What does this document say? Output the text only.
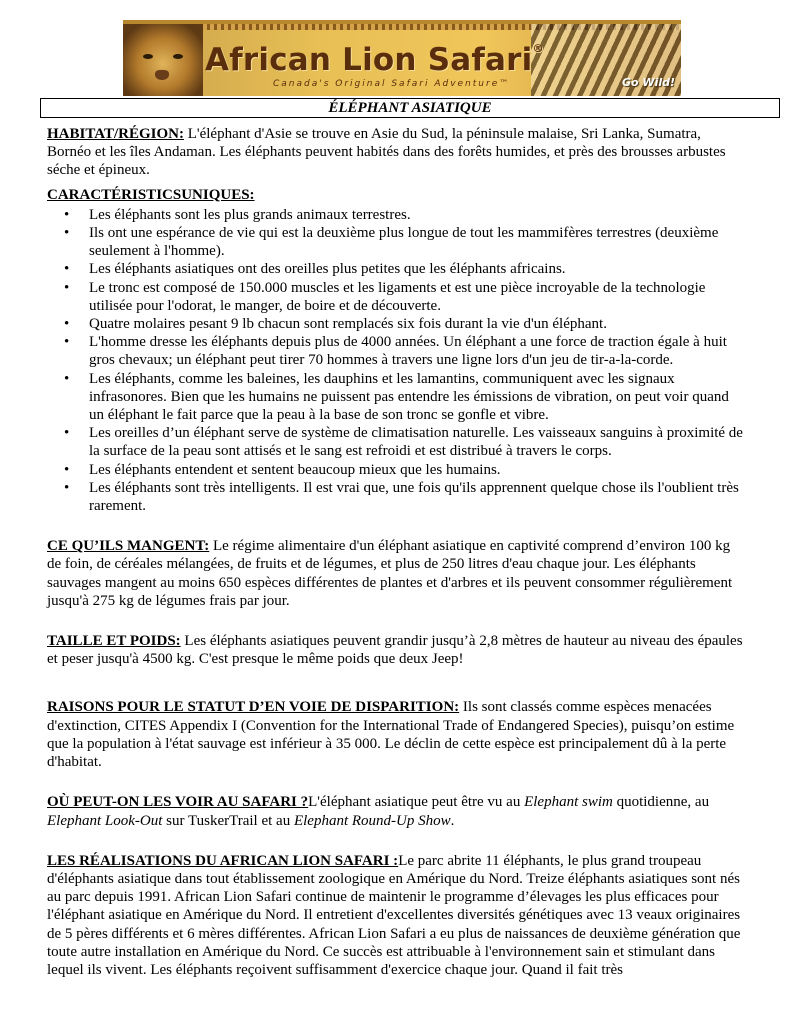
African Lion Safari®
Canada's Original Safari Adventure™	Go Wild!
ÉLÉPHANT ASIATIQUE

HABITAT/RÉGION: L'éléphant d'Asie se trouve en Asie du Sud, la péninsule malaise, Sri Lanka, Sumatra, Bornéo et les îles Andaman. Les éléphants peuvent habités dans des forêts humides, et près des brousses arbustes séche et épineux.

CARACTÉRISTICSUNIQUES:

• Les éléphants sont les plus grands animaux terrestres.
• Ils ont une espérance de vie qui est la deuxième plus longue de tout les mammifères terrestres (deuxième seulement à l'homme).
• Les éléphants asiatiques ont des oreilles plus petites que les éléphants africains.
• Le tronc est composé de 150.000 muscles et les ligaments et est une pièce incroyable de la technologie utilisée pour l'odorat, le manger, de boire et de découverte.
• Quatre molaires pesant 9 lb chacun sont remplacés six fois durant la vie d'un éléphant.
• L'homme dresse les éléphants depuis plus de 4000 années. Un éléphant a une force de traction égale à huit gros chevaux; un éléphant peut tirer 70 hommes à travers une ligne lors d'un jeu de tir-a-la-corde.
• Les éléphants, comme les baleines, les dauphins et les lamantins, communiquent avec les signaux infrasonores. Bien que les humains ne puissent pas entendre les émissions de vibration, on peut voir quand un éléphant le fait parce que la peau à la base de son tronc se gonfle et vibre.
• Les oreilles d’un éléphant serve de système de climatisation naturelle. Les vaisseaux sanguins à proximité de la surface de la peau sont attisés et le sang est refroidi et est distribué à travers le corps.
• Les éléphants entendent et sentent beaucoup mieux que les humains.
• Les éléphants sont très intelligents. Il est vrai que, une fois qu'ils apprennent quelque chose ils l'oublient très rarement.

CE QU’ILS MANGENT: Le régime alimentaire d'un éléphant asiatique en captivité comprend d’environ 100 kg de foin, de céréales mélangées, de fruits et de légumes, et plus de 250 litres d'eau chaque jour. Les éléphants sauvages mangent au moins 650 espèces différentes de plantes et d'arbres et ils peuvent consommer régulièrement jusqu'à 275 kg de légumes frais par jour.

TAILLE ET POIDS: Les éléphants asiatiques peuvent grandir jusqu’à 2,8 mètres de hauteur au niveau des épaules et peser jusqu'à 4500 kg. C'est presque le même poids que deux Jeep!

RAISONS POUR LE STATUT D’EN VOIE DE DISPARITION: Ils sont classés comme espèces menacées d'extinction, CITES Appendix I (Convention for the International Trade of Endangered Species), puisqu’on estime que la population à l'état sauvage est inférieur à 35 000. Le déclin de cette espèce est principalement dû à la perte d'habitat.

OÙ PEUT-ON LES VOIR AU SAFARI ?L'éléphant asiatique peut être vu au Elephant swim quotidienne, au Elephant Look-Out sur TuskerTrail et au Elephant Round-Up Show.

LES RÉALISATIONS DU AFRICAN LION SAFARI :Le parc abrite 11 éléphants, le plus grand troupeau d'éléphants asiatique dans tout établissement zoologique en Amérique du Nord. Treize éléphants asiatiques sont nés au parc depuis 1991. African Lion Safari continue de maintenir le programme d’élevages les plus efficaces pour l'éléphant asiatique en Amérique du Nord. Il entretient d'excellentes diversités génétiques avec 13 veaux originaires de 5 pères différents et 6 mères différentes. African Lion Safari a eu plus de naissances de deuxième génération que toute autre installation en Amérique du Nord. Ce succès est attribuable à l'environnement sain et stimulant dans lequel ils vivent. Les éléphants reçoivent suffisamment d'exercice chaque jour. Quand il fait très
